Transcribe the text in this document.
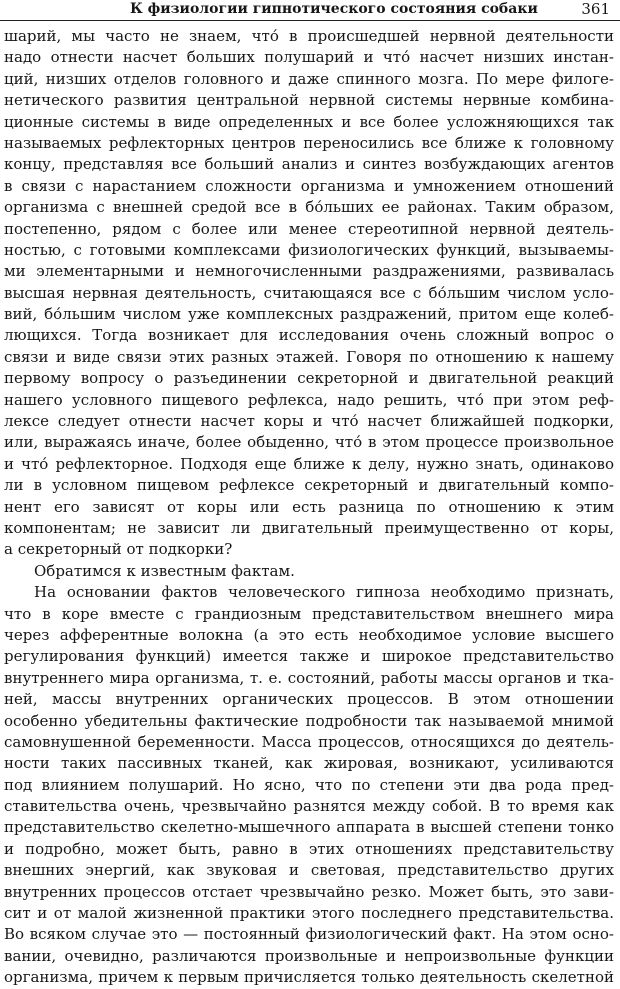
К физиологии гипнотического состояния собаки	361
шарий, мы часто не знаем, что́ в происшедшей нервной деятельности
надо отнести насчет больших полушарий и что́ насчет низших инстан-
ций, низших отделов головного и даже спинного мозга. По мере филоге-
нетического развития центральной нервной системы нервные комбина-
ционные системы в виде определенных и все более усложняющихся так
называемых рефлекторных центров переносились все ближе к головному
концу, представляя все больший анализ и синтез возбуждающих агентов
в связи с нарастанием сложности организма и умножением отношений
организма с внешней средой все в бо́льших ее районах. Таким образом,
постепенно, рядом с более или менее стереотипной нервной деятель-
ностью, с готовыми комплексами физиологических функций, вызываемы-
ми элементарными и немногочисленными раздражениями, развивалась
высшая нервная деятельность, считающаяся все с бо́льшим числом усло-
вий, бо́льшим числом уже комплексных раздражений, притом еще колеб-
лющихся. Тогда возникает для исследования очень сложный вопрос о
связи и виде связи этих разных этажей. Говоря по отношению к нашему
первому вопросу о разъединении секреторной и двигательной реакций
нашего условного пищевого рефлекса, надо решить, что́ при этом реф-
лексе следует отнести насчет коры и что́ насчет ближайшей подкорки,
или, выражаясь иначе, более обыденно, что́ в этом процессе произвольное
и что́ рефлекторное. Подходя еще ближе к делу, нужно знать, одинаково
ли в условном пищевом рефлексе секреторный и двигательный компо-
нент его зависят от коры или есть разница по отношению к этим
компонентам; не зависит ли двигательный преимущественно от коры,
а секреторный от подкорки?
Обратимся к известным фактам.
На основании фактов человеческого гипноза необходимо признать,
что в коре вместе с грандиозным представительством внешнего мира
через афферентные волокна (а это есть необходимое условие высшего
регулирования функций) имеется также и широкое представительство
внутреннего мира организма, т. е. состояний, работы массы органов и тка-
ней, массы внутренних органических процессов. В этом отношении
особенно убедительны фактические подробности так называемой мнимой
самовнушенной беременности. Масса процессов, относящихся до деятель-
ности таких пассивных тканей, как жировая, возникают, усиливаются
под влиянием полушарий. Но ясно, что по степени эти два рода пред-
ставительства очень, чрезвычайно разнятся между собой. В то время как
представительство скелетно-мышечного аппарата в высшей степени тонко
и подробно, может быть, равно в этих отношениях представительству
внешних энергий, как звуковая и световая, представительство других
внутренних процессов отстает чрезвычайно резко. Может быть, это зави-
сит и от малой жизненной практики этого последнего представительства.
Во всяком случае это — постоянный физиологический факт. На этом осно-
вании, очевидно, различаются произвольные и непроизвольные функции
организма, причем к первым причисляется только деятельность скелетной
